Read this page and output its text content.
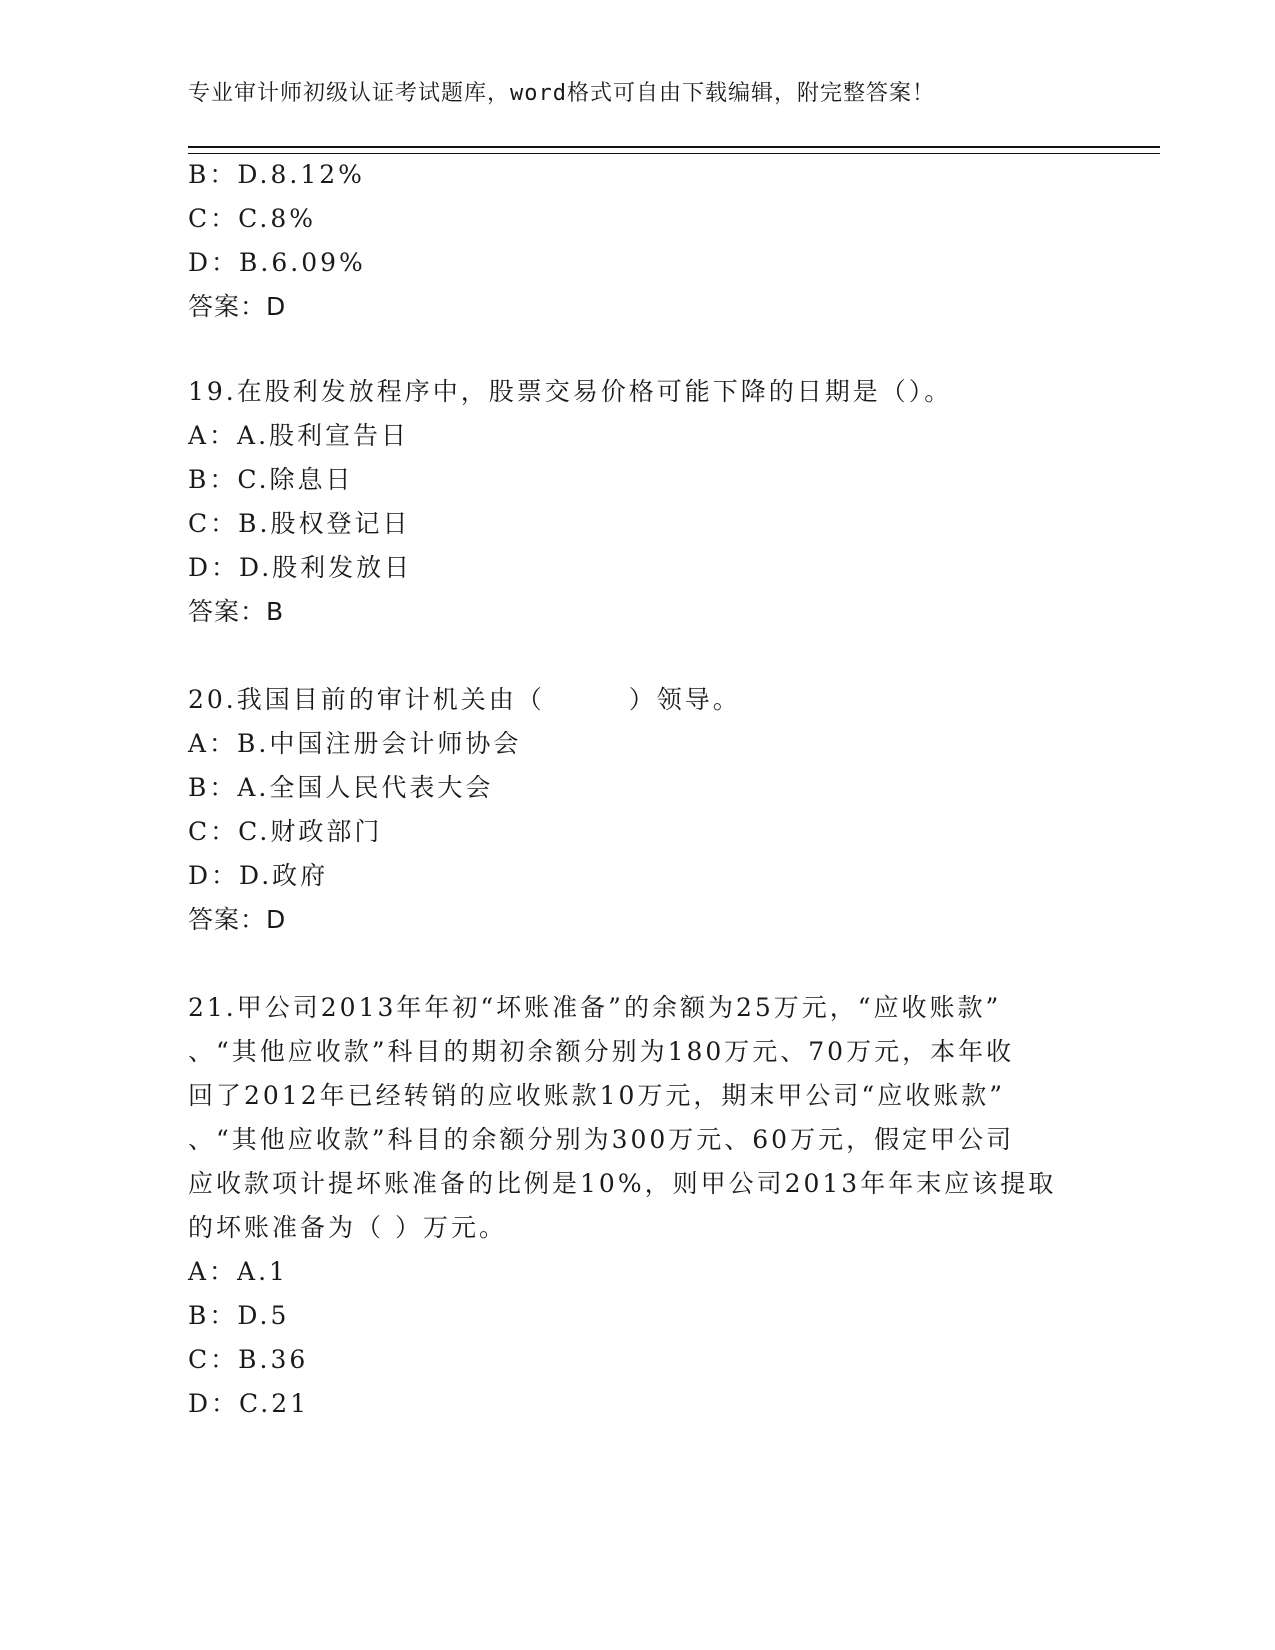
专业审计师初级认证考试题库，word格式可自由下载编辑，附完整答案！
B：D.8.12%
C：C.8%
D：B.6.09%
答案：D
19.在股利发放程序中，股票交易价格可能下降的日期是（）。
A：A.股利宣告日
B：C.除息日
C：B.股权登记日
D：D.股利发放日
答案：B
20.我国目前的审计机关由（　　　）领导。
A：B.中国注册会计师协会
B：A.全国人民代表大会
C：C.财政部门
D：D.政府
答案：D
21.甲公司2013年年初“坏账准备”的余额为25万元，“应收账款”
、“其他应收款”科目的期初余额分别为180万元、70万元，本年收
回了2012年已经转销的应收账款10万元，期末甲公司“应收账款”
、“其他应收款”科目的余额分别为300万元、60万元，假定甲公司
应收款项计提坏账准备的比例是10%，则甲公司2013年年末应该提取
的坏账准备为（ ）万元。
A：A.1
B：D.5
C：B.36
D：C.21
